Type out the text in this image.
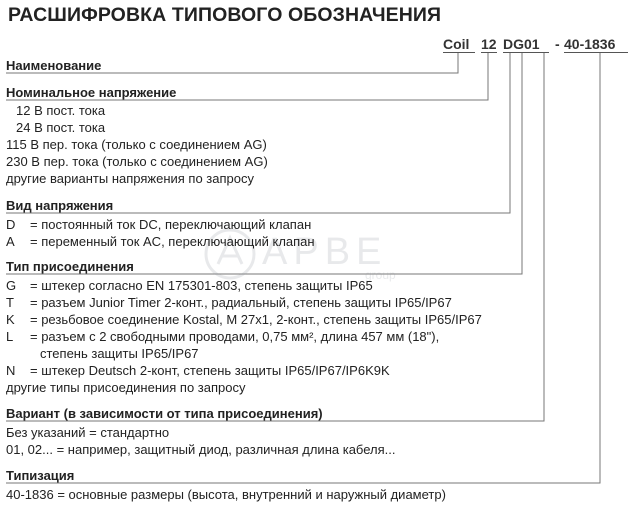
РАСШИФРОВКА ТИПОВОГО ОБОЗНАЧЕНИЯ
Coil 12 DG01 - 40-1836
АРВЕ
group
Наименование
Номинальное напряжение
12 В пост. тока
24 В пост. тока
115 В пер. тока (только с соединением AG)
230 В пер. тока (только с соединением AG)
другие варианты напряжения по запросу
Вид напряжения
D = постоянный ток DC, переключающий клапан
A = переменный ток AC, переключающий клапан
Тип присоединения
G = штекер согласно EN 175301-803, степень защиты IP65
T = разъем Junior Timer 2-конт., радиальный, степень защиты IP65/IP67
K = резьбовое соединение Kostal, M 27x1, 2-конт., степень защиты IP65/IP67
L = разъем с 2 свободными проводами, 0,75 мм², длина 457 мм (18"),
степень защиты IP65/IP67
N = штекер Deutsch 2-конт, степень защиты IP65/IP67/IP6K9K
другие типы присоединения по запросу
Вариант (в зависимости от типа присоединения)
Без указаний = стандартно
01, 02... = например, защитный диод, различная длина кабеля...
Типизация
40-1836 = основные размеры (высота, внутренний и наружный диаметр)
